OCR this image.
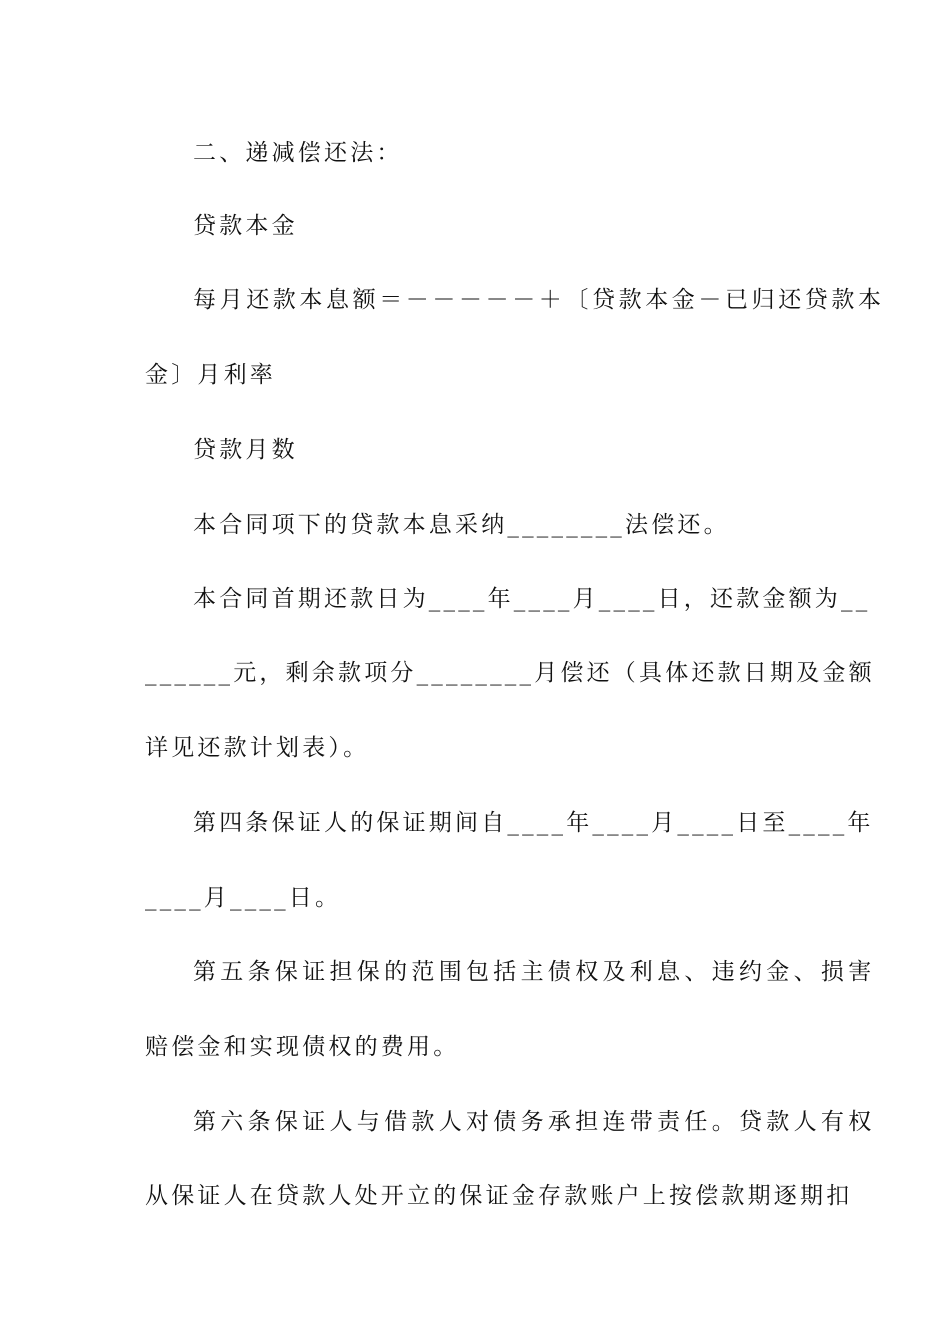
二、递减偿还法：
贷款本金
每月还款本息额＝－－－－－＋〔贷款本金－已归还贷款本
金〕月利率
贷款月数
本合同项下的贷款本息采纳________法偿还。
本合同首期还款日为____年____月____日，还款金额为__
______元，剩余款项分________月偿还（具体还款日期及金额
详见还款计划表）。
第四条保证人的保证期间自____年____月____日至____年
____月____日。
第五条保证担保的范围包括主债权及利息、违约金、损害
赔偿金和实现债权的费用。
第六条保证人与借款人对债务承担连带责任。贷款人有权
从保证人在贷款人处开立的保证金存款账户上按偿款期逐期扣
